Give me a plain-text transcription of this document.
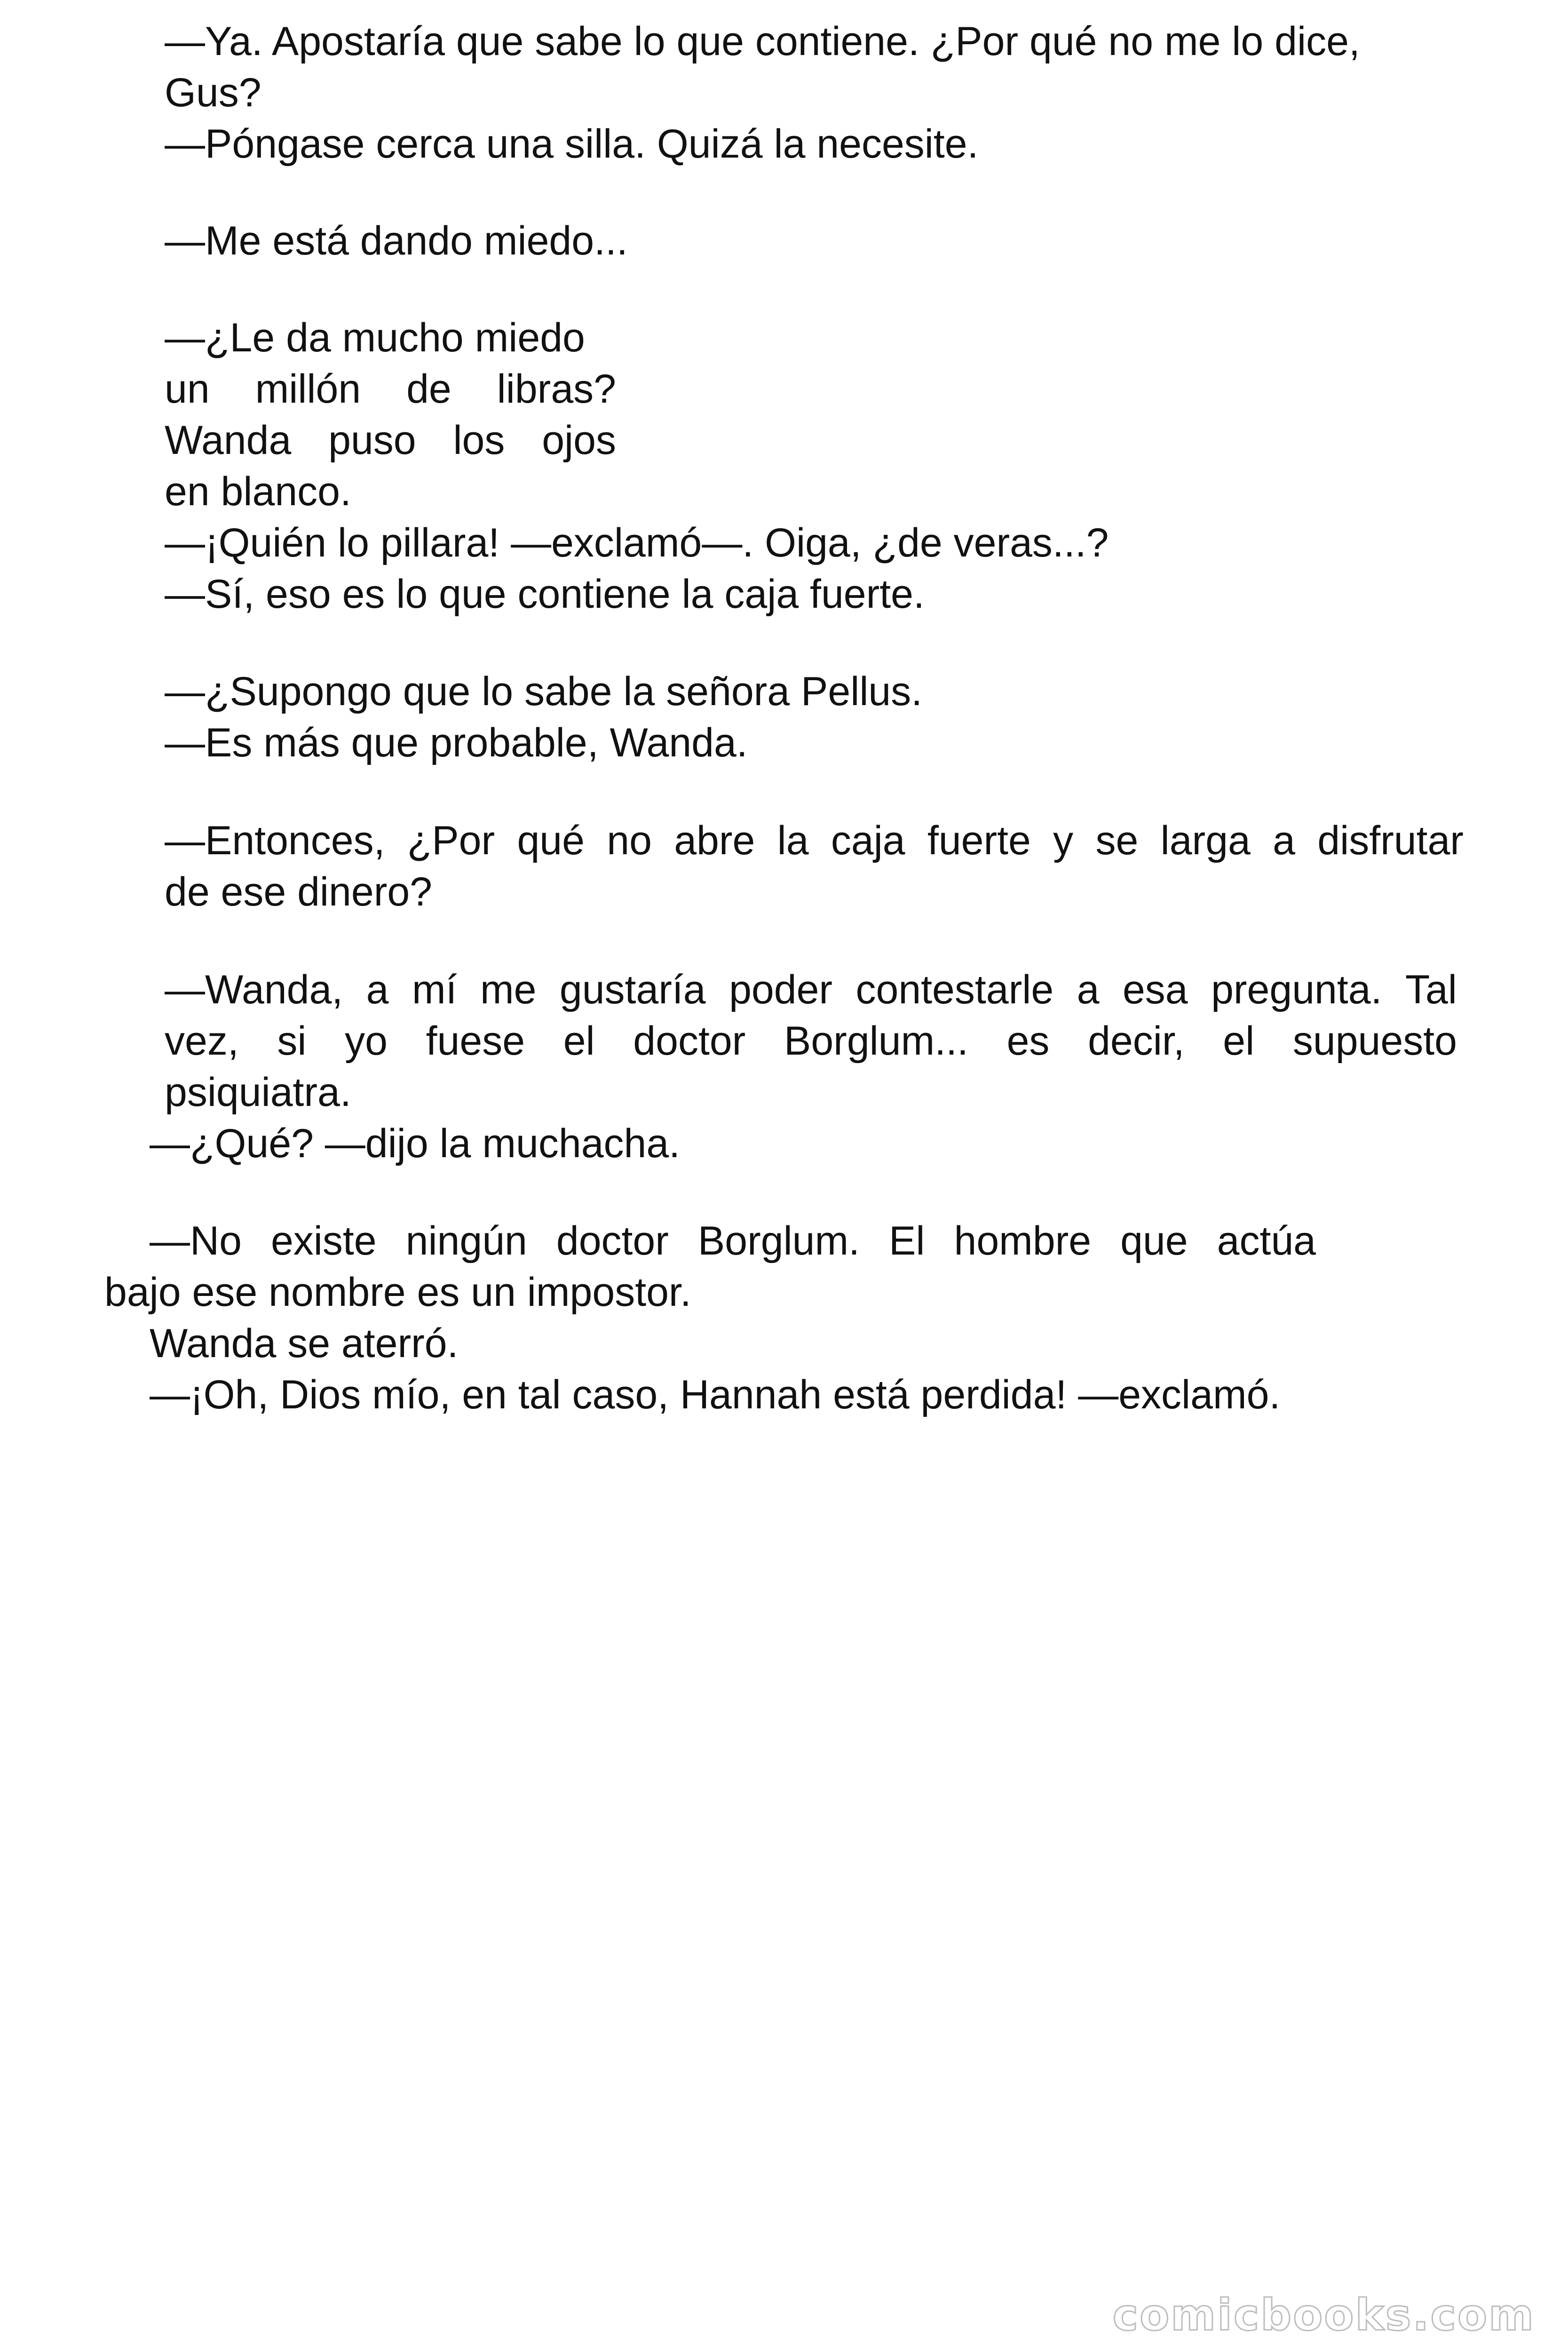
—Ya. Apostaría que sabe lo que contiene. ¿Por qué no me lo dice,
Gus?
—Póngase cerca una silla. Quizá la necesite.
—Me está dando miedo...
—¿Le da mucho miedo
un millón de libras?
Wanda puso los ojos
en blanco.
—¡Quién lo pillara! —exclamó—. Oiga, ¿de veras...?
—Sí, eso es lo que contiene la caja fuerte.
—¿Supongo que lo sabe la señora Pellus.
—Es más que probable, Wanda.
—Entonces, ¿Por qué no abre la caja fuerte y se larga a disfrutar
de ese dinero?
—Wanda, a mí me gustaría poder contestarle a esa pregunta. Tal
vez, si yo fuese el doctor Borglum... es decir, el supuesto
psiquiatra.
—¿Qué? —dijo la muchacha.
—No existe ningún doctor Borglum. El hombre que actúa
bajo ese nombre es un impostor.
Wanda se aterró.
—¡Oh, Dios mío, en tal caso, Hannah está perdida! —exclamó.
comicbooks.com
